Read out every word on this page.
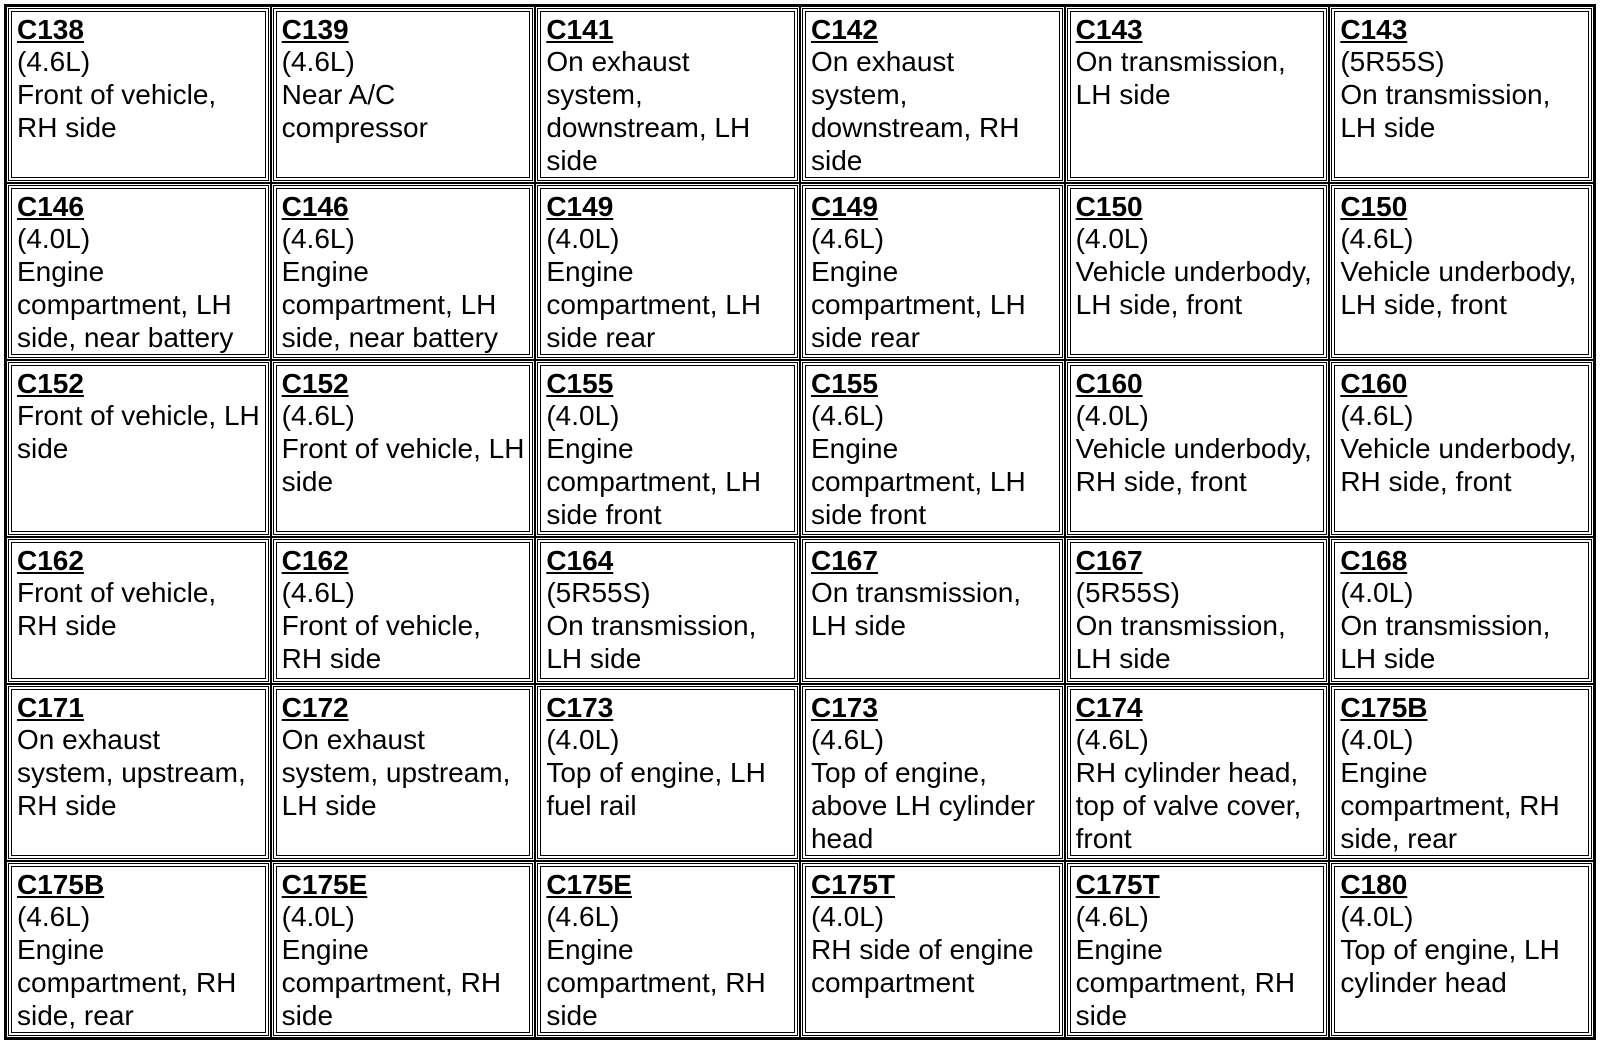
C138
(4.6L)
Front of vehicle, RH side
C139
(4.6L)
Near A/C compressor
C141
On exhaust system, downstream, LH side
C142
On exhaust system, downstream, RH side
C143
On transmission, LH side
C143
(5R55S)
On transmission, LH side
C146
(4.0L)
Engine compartment, LH side, near battery
C146
(4.6L)
Engine compartment, LH side, near battery
C149
(4.0L)
Engine compartment, LH side rear
C149
(4.6L)
Engine compartment, LH side rear
C150
(4.0L)
Vehicle underbody, LH side, front
C150
(4.6L)
Vehicle underbody, LH side, front
C152
Front of vehicle, LH side
C152
(4.6L)
Front of vehicle, LH side
C155
(4.0L)
Engine compartment, LH side front
C155
(4.6L)
Engine compartment, LH side front
C160
(4.0L)
Vehicle underbody, RH side, front
C160
(4.6L)
Vehicle underbody, RH side, front
C162
Front of vehicle, RH side
C162
(4.6L)
Front of vehicle, RH side
C164
(5R55S)
On transmission, LH side
C167
On transmission, LH side
C167
(5R55S)
On transmission, LH side
C168
(4.0L)
On transmission, LH side
C171
On exhaust system, upstream, RH side
C172
On exhaust system, upstream, LH side
C173
(4.0L)
Top of engine, LH fuel rail
C173
(4.6L)
Top of engine, above LH cylinder head
C174
(4.6L)
RH cylinder head, top of valve cover, front
C175B
(4.0L)
Engine compartment, RH side, rear
C175B
(4.6L)
Engine compartment, RH side, rear
C175E
(4.0L)
Engine compartment, RH side
C175E
(4.6L)
Engine compartment, RH side
C175T
(4.0L)
RH side of engine compartment
C175T
(4.6L)
Engine compartment, RH side
C180
(4.0L)
Top of engine, LH cylinder head
